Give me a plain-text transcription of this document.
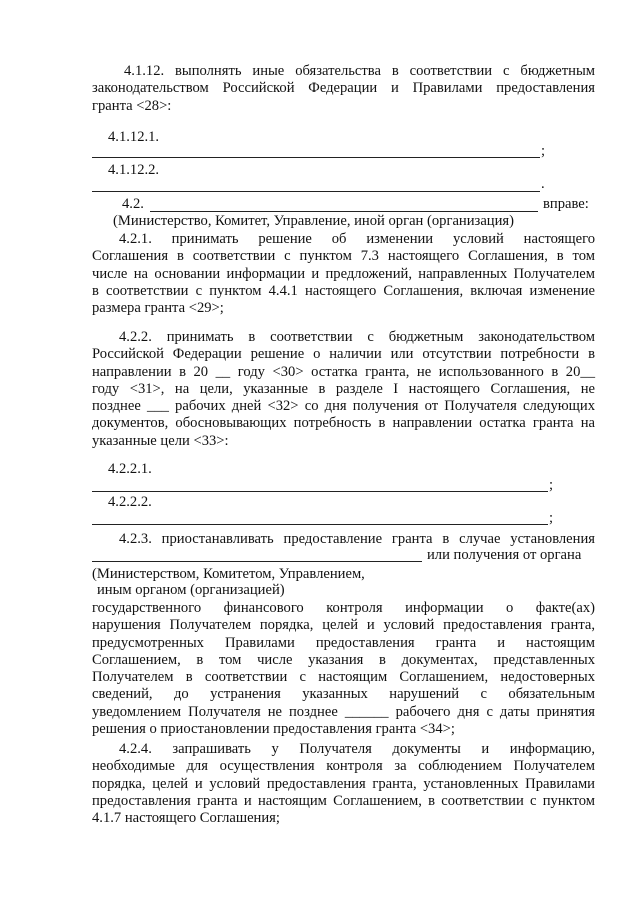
4.1.12. выполнять иные обязательства в соответствии с бюджетным
законодательством Российской Федерации и Правилами предоставления
гранта <28>:
4.1.12.1.
;
4.1.12.2.
.
4.2.	вправе:
(Министерство, Комитет, Управление, иной орган (организация)
4.2.1. принимать решение об изменении условий настоящего
Соглашения в соответствии с пунктом 7.3 настоящего Соглашения, в том
числе на основании информации и предложений, направленных Получателем
в соответствии с пунктом 4.4.1 настоящего Соглашения, включая изменение
размера гранта <29>;
4.2.2. принимать в соответствии с бюджетным законодательством
Российской Федерации решение о наличии или отсутствии потребности в
направлении в 20 __ году <30> остатка гранта, не использованного в 20__
году <31>, на цели, указанные в разделе I настоящего Соглашения, не
позднее ___ рабочих дней <32> со дня получения от Получателя следующих
документов, обосновывающих потребность в направлении остатка гранта на
указанные цели <33>:
4.2.2.1.
;
4.2.2.2.
;
4.2.3. приостанавливать предоставление гранта в случае установления
или получения от органа
(Министерством, Комитетом, Управлением,
иным органом (организацией)
государственного финансового контроля информации о факте(ах)
нарушения Получателем порядка, целей и условий предоставления гранта,
предусмотренных Правилами предоставления гранта и настоящим
Соглашением, в том числе указания в документах, представленных
Получателем в соответствии с настоящим Соглашением, недостоверных
сведений, до устранения указанных нарушений с обязательным
уведомлением Получателя не позднее ______ рабочего дня с даты принятия
решения о приостановлении предоставления гранта <34>;
4.2.4. запрашивать у Получателя документы и информацию,
необходимые для осуществления контроля за соблюдением Получателем
порядка, целей и условий предоставления гранта, установленных Правилами
предоставления гранта и настоящим Соглашением, в соответствии с пунктом
4.1.7 настоящего Соглашения;
